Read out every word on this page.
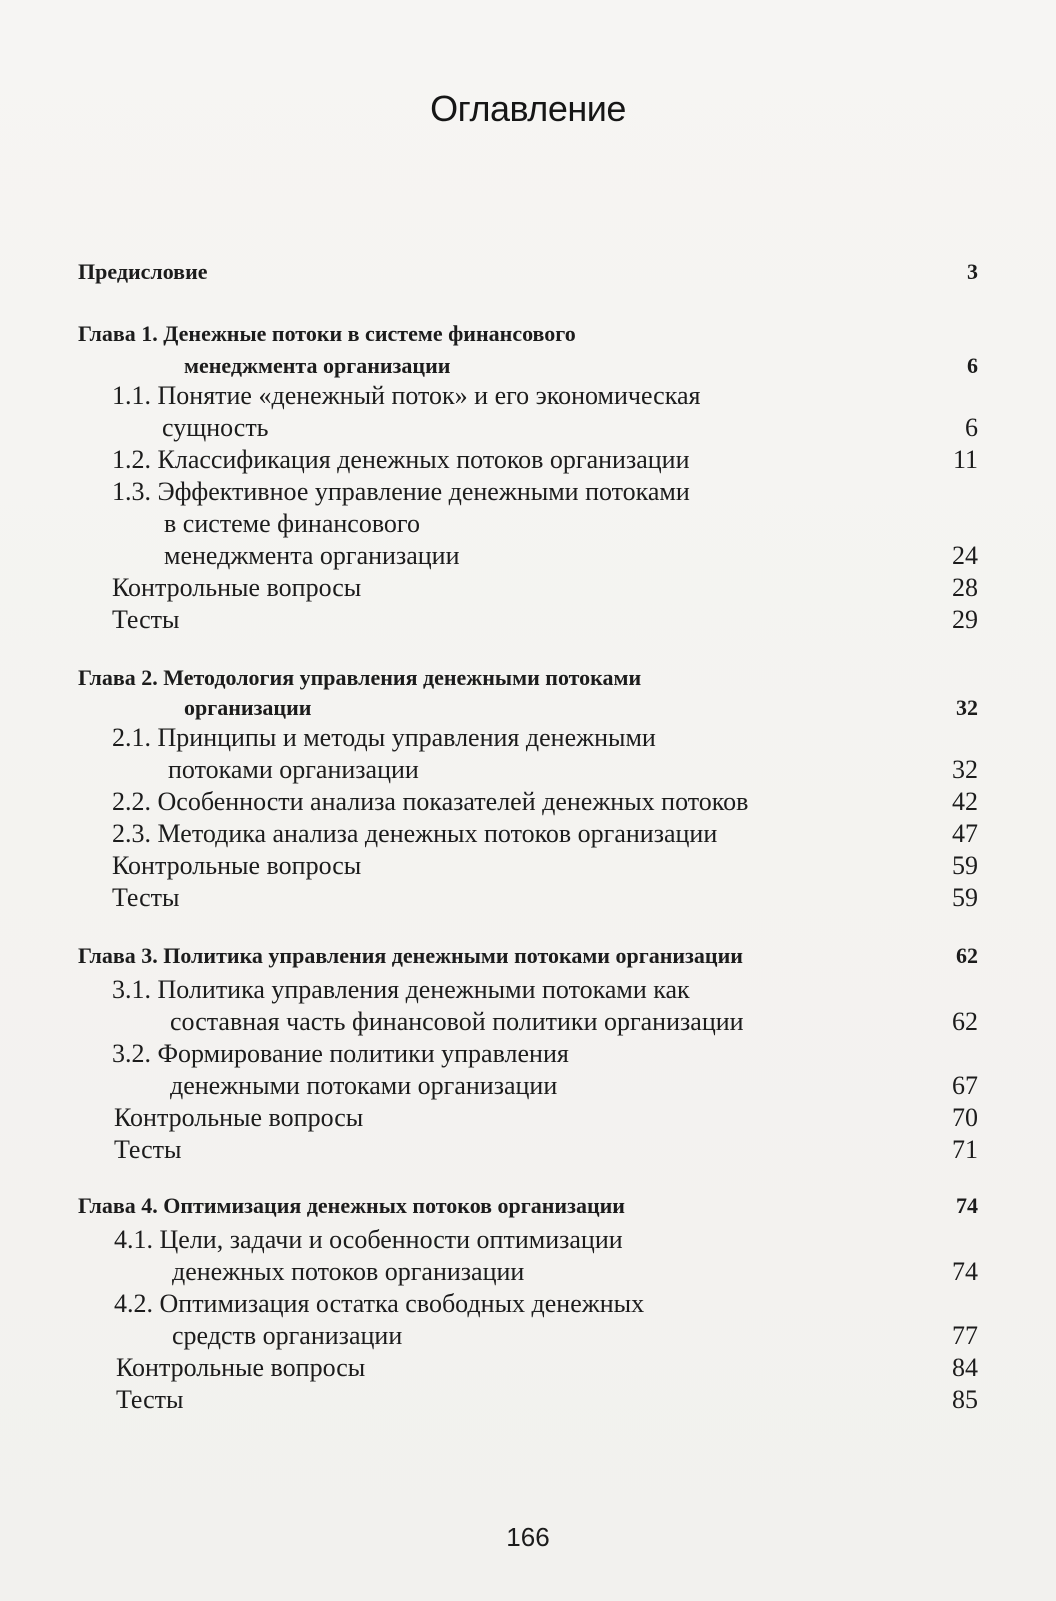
Оглавление
Предисловие	3
Глава 1. Денежные потоки в системе финансового
менеджмента организации	6
1.1. Понятие «денежный поток» и его экономическая
сущность	6
1.2. Классификация денежных потоков организации	11
1.3. Эффективное управление денежными потоками
в системе финансового
менеджмента организации	24
Контрольные вопросы	28
Тесты	29
Глава 2. Методология управления денежными потоками
организации	32
2.1. Принципы и методы управления денежными
потоками организации	32
2.2. Особенности анализа показателей денежных потоков	42
2.3. Методика анализа денежных потоков организации	47
Контрольные вопросы	59
Тесты	59
Глава 3. Политика управления денежными потоками организации	62
3.1. Политика управления денежными потоками как
составная часть финансовой политики организации	62
3.2. Формирование политики управления
денежными потоками организации	67
Контрольные вопросы	70
Тесты	71
Глава 4. Оптимизация денежных потоков организации	74
4.1. Цели, задачи и особенности оптимизации
денежных потоков организации	74
4.2. Оптимизация остатка свободных денежных
средств организации	77
Контрольные вопросы	84
Тесты	85
166
